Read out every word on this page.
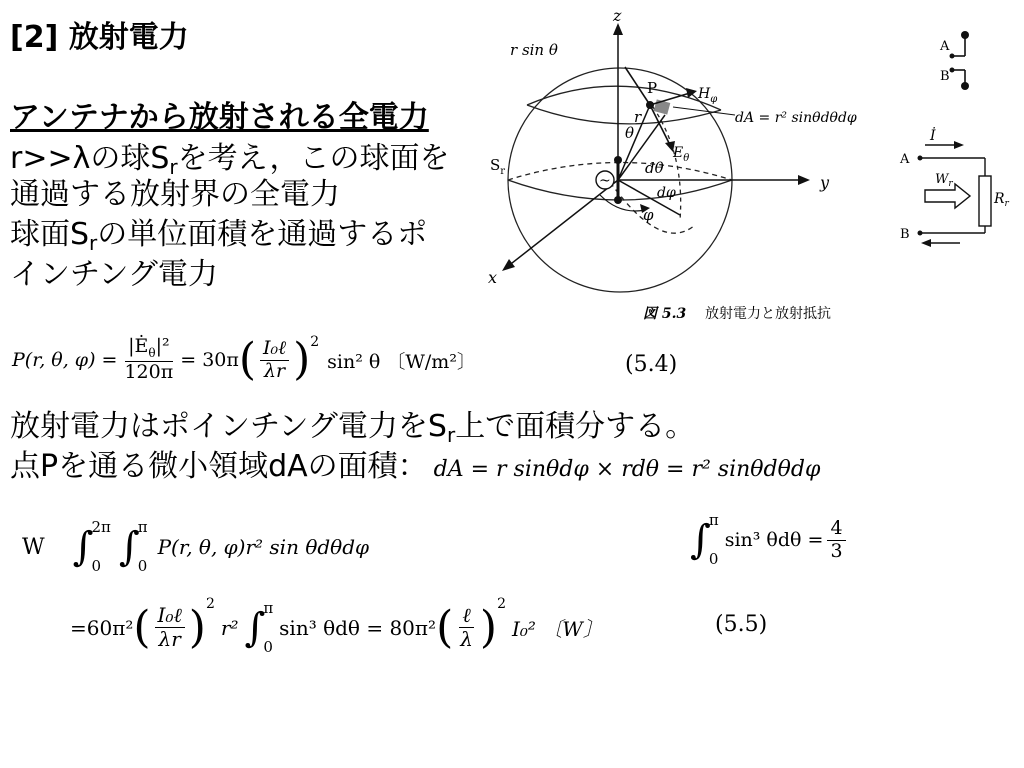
[2] 放射電力
アンテナから放射される全電力
r>>λの球$S_r$を考え，この球面を
通過する放射界の全電力
球面$S_r$の単位面積を通過するポ
インチング電力
~
z
y
x
r sin θ
P	$H_\varphi$
r
θ
dθ
$E_\theta$
dφ
φ
$S_r$
dA = r² sinθdθdφ
図 5.3 放射電力と放射抵抗
A
B
A
B
İ
$W_r$
$R_r$
P(r, θ, $\varphi) = \frac{|Ė_\theta|^2}{120\pi} = 30\pi$ ( $\frac{\text{I₀ℓ}}{\lambda r} )^2$
sin² θ 〔W/m²〕	(5.4)
放射電力はポインチング電力を$S_r$上で面積分する。
点Pを通る微小領域dAの面積： dA = r sinθdφ × rdθ = r² sinθdθdφ
W ∫
2π
0 ∫
π
0
P(r, θ, φ)r² sin θdθdφ	∫
π
0
sin³ $\theta d\theta = \frac{4}{3}$
=60π² ( $\frac{\text{I₀ℓ}}{\lambda r} )^2$
r² ∫
π
0
sin³ θdθ = 80π² ( $\frac{\text{ℓ}}{\lambda} )^2$
I₀² 〔W〕	(5.5)
